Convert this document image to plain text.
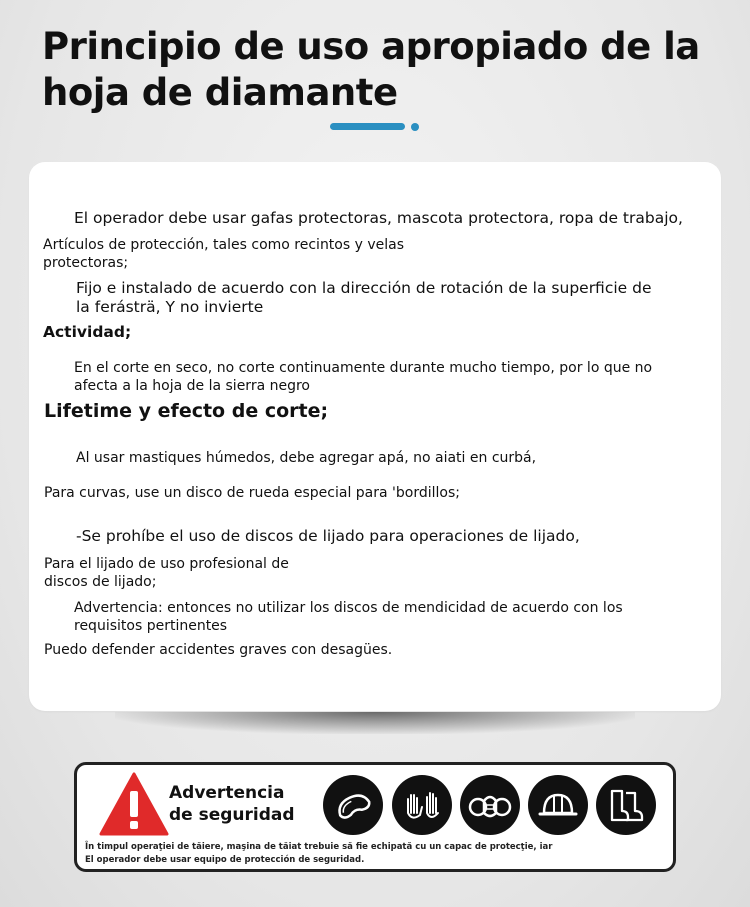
Principio de uso apropiado de la
hoja de diamante
El operador debe usar gafas protectoras, mascota protectora, ropa de trabajo,
Artículos de protección, tales como recintos y velas
protectoras;
Fijo e instalado de acuerdo con la dirección de rotación de la superficie de
la ferásträ, Y no invierte
Actividad;
En el corte en seco, no corte continuamente durante mucho tiempo, por lo que no
afecta a la hoja de la sierra negro
Lifetime y efecto de corte;
Al usar mastiques húmedos, debe agregar apá, no aiati en curbá,
Para curvas, use un disco de rueda especial para 'bordillos;
-Se prohíbe el uso de discos de lijado para operaciones de lijado,
Para el lijado de uso profesional de
discos de lijado;
Advertencia: entonces no utilizar los discos de mendicidad de acuerdo con los
requisitos pertinentes
Puedo defender accidentes graves con desagües.
Advertencia
de seguridad
În timpul operaţiei de tăiere, maşina de tăiat trebuie să fie echipată cu un capac de protecţie, iar
El operador debe usar equipo de protección de seguridad.
